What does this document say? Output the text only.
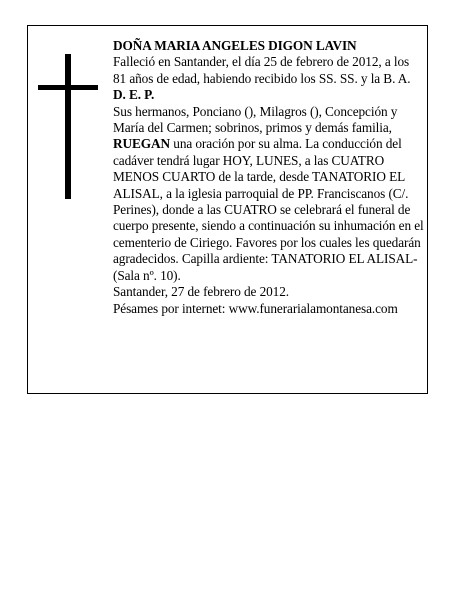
DOÑA MARIA ANGELES DIGON LAVIN

Falleció en Santander, el día 25 de febrero de 2012, a los 81 años de edad, habiendo recibido los SS. SS. y la B. A.

D. E. P.

Sus hermanos, Ponciano (), Milagros (), Concepción y María del Carmen; sobrinos, primos y demás familia, RUEGAN una oración por su alma. La conducción del cadáver tendrá lugar HOY, LUNES, a las CUATRO MENOS CUARTO de la tarde, desde TANATORIO EL ALISAL, a la iglesia parroquial de PP. Franciscanos (C/. Perines), donde a las CUATRO se celebrará el funeral de cuerpo presente, siendo a continuación su inhumación en el cementerio de Ciriego. Favores por los cuales les quedarán agradecidos. Capilla ardiente: TANATORIO EL ALISAL-(Sala nº. 10).

Santander, 27 de febrero de 2012.

Pésames por internet: www.funerarialamontanesa.com
